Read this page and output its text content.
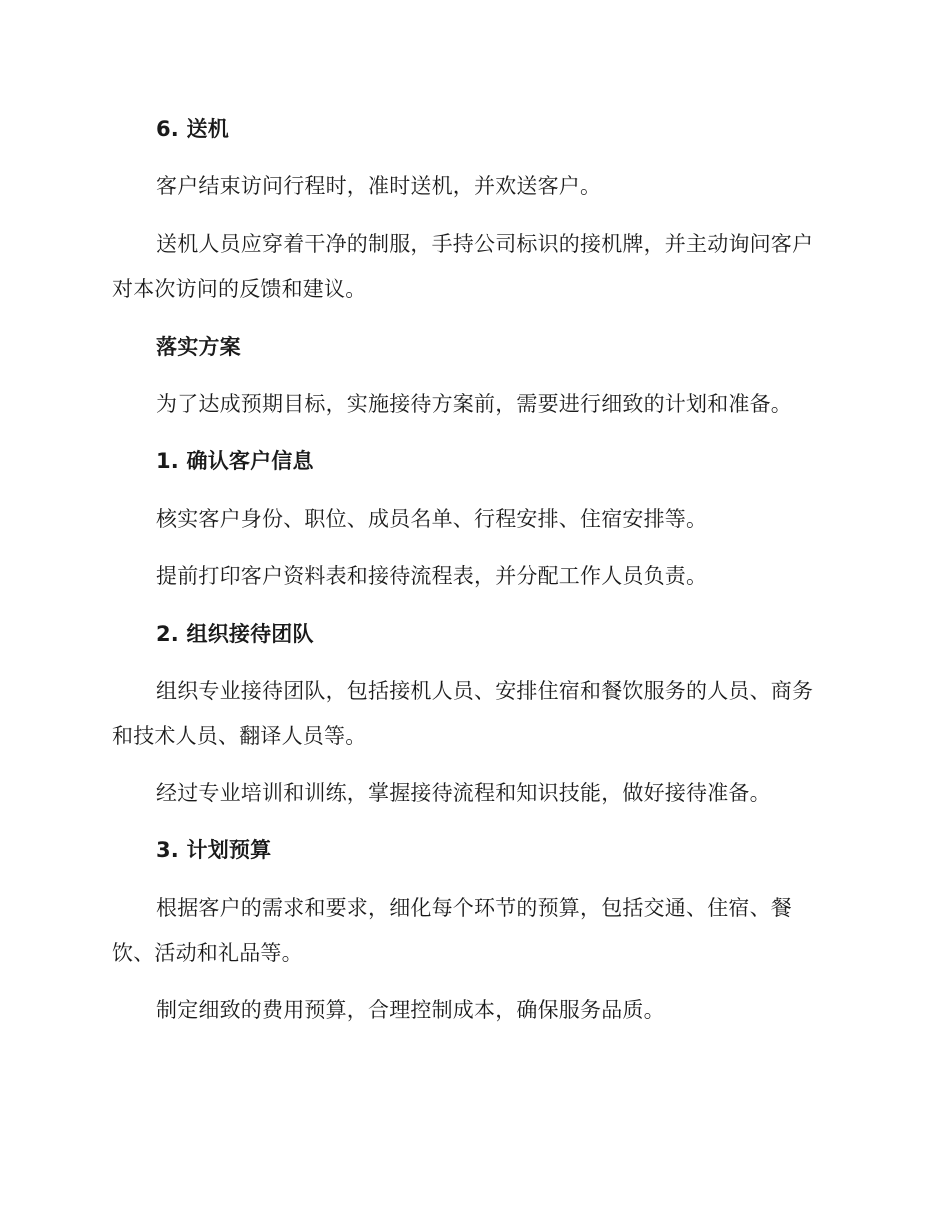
6. 送机
客户结束访问行程时，准时送机，并欢送客户。
送机人员应穿着干净的制服，手持公司标识的接机牌，并主动询问客户
对本次访问的反馈和建议。
落实方案
为了达成预期目标，实施接待方案前，需要进行细致的计划和准备。
1. 确认客户信息
核实客户身份、职位、成员名单、行程安排、住宿安排等。
提前打印客户资料表和接待流程表，并分配工作人员负责。
2. 组织接待团队
组织专业接待团队，包括接机人员、安排住宿和餐饮服务的人员、商务
和技术人员、翻译人员等。
经过专业培训和训练，掌握接待流程和知识技能，做好接待准备。
3. 计划预算
根据客户的需求和要求，细化每个环节的预算，包括交通、住宿、餐
饮、活动和礼品等。
制定细致的费用预算，合理控制成本，确保服务品质。
